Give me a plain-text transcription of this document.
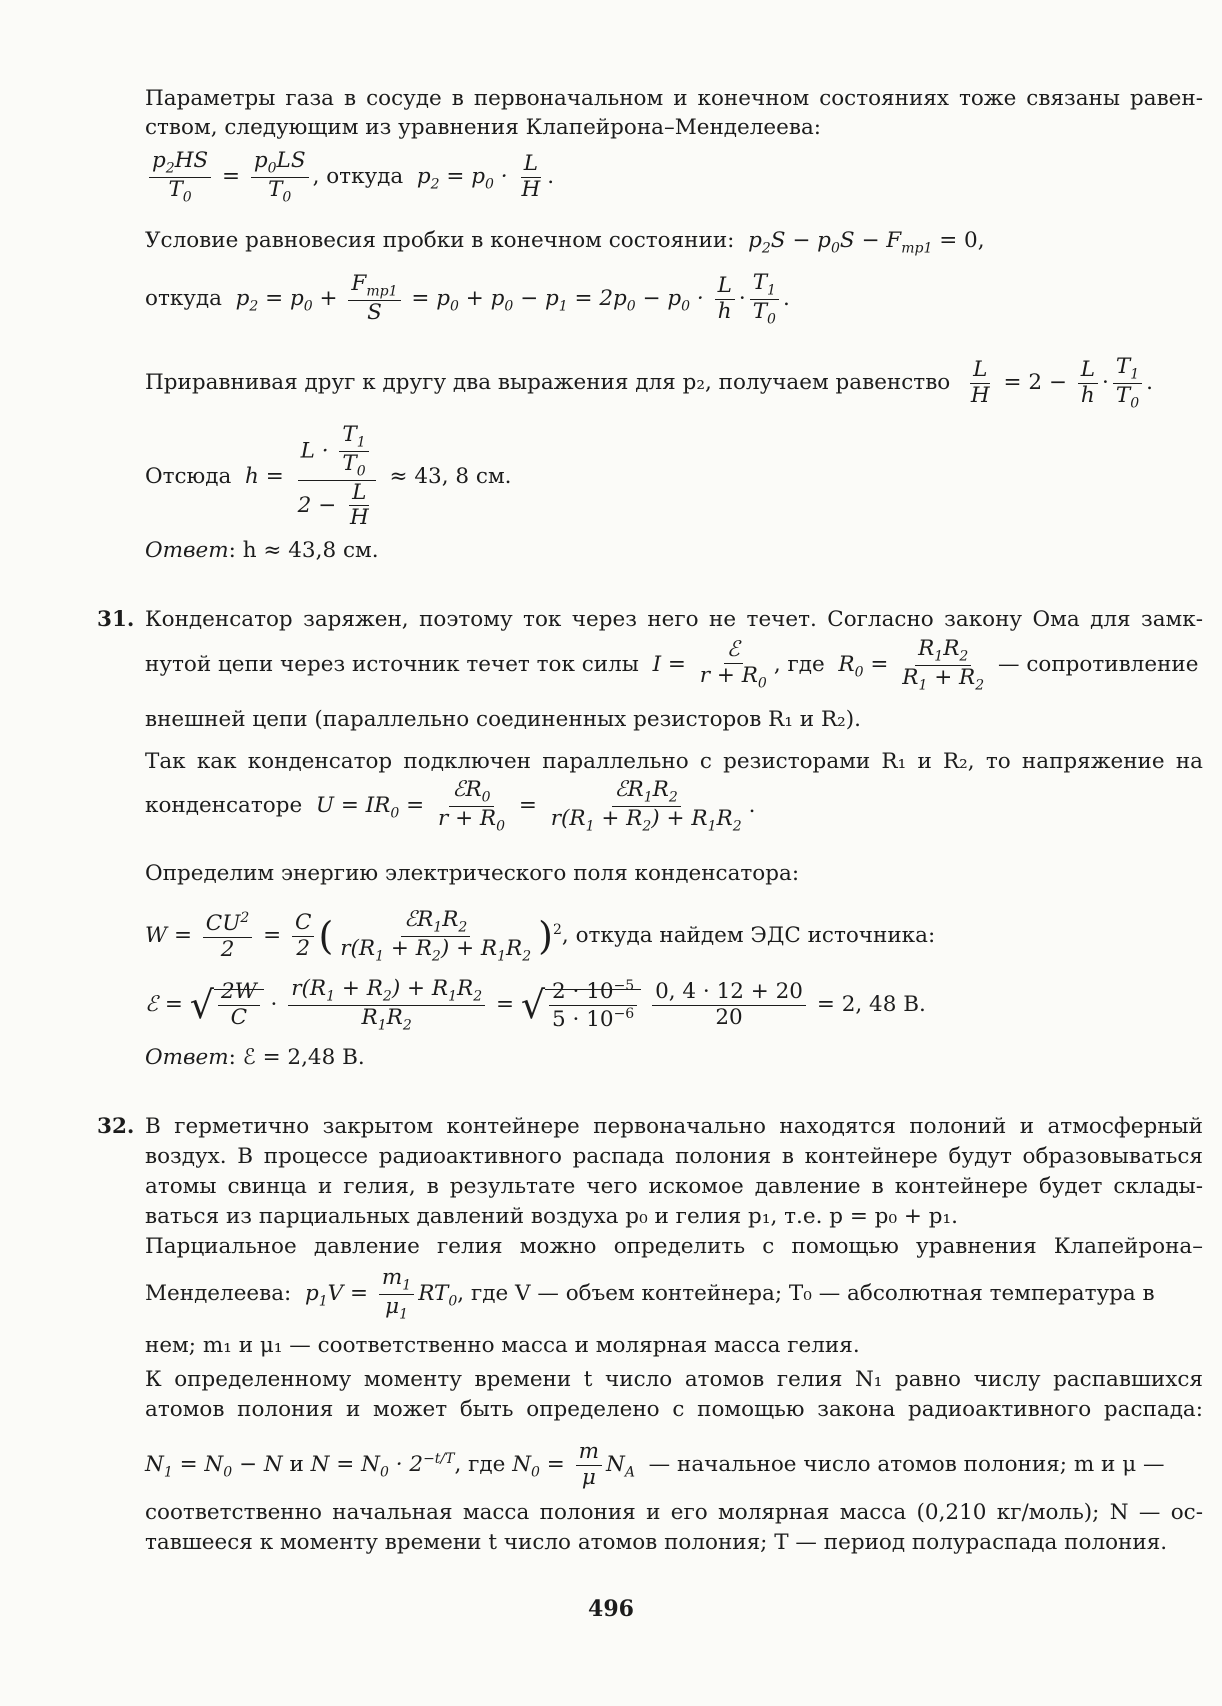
Параметры газа в сосуде в первоначальном и конечном состояниях тоже связаны равен-
ством, следующим из уравнения Клапейрона–Менделеева:
$\frac{p_2HS}{T_0} = \frac{p_0LS}{T_0}$ , откуда $p_2 = p_0 \cdot \frac{L}{H}$ .
Условие равновесия пробки в конечном состоянии: $p_2S - p_0S - F_{тр1} = 0$,
откуда $p_2 = p_0 + \frac{F_{тр1}}{S} = p_0 + p_0 - p_1 = 2p_0 - p_0 \cdot \frac{L}{h} \cdot \frac{T_1}{T_0}$ .
Приравнивая друг к другу два выражения для p₂, получаем равенство $\frac{L}{H} = 2 - \frac{L}{h} \cdot \frac{T_1}{T_0}$ .
Отсюда $h = \frac{L \cdot \frac{T_1}{T_0}}{2 - \frac{L}{H}} \approx 43$, 8 см.
Ответ: h ≈ 43,8 см.
31. Конденсатор заряжен, поэтому ток через него не течет. Согласно закону Ома для замк-
нутой цепи через источник течет ток силы $I = \frac{\text{ℰ}}{r + R_0}$ , где $R_0 = \frac{R_1R_2}{R_1 + R_2}$ — сопротивление
внешней цепи (параллельно соединенных резисторов R₁ и R₂).
Так как конденсатор подключен параллельно с резисторами R₁ и R₂, то напряжение на
конденсаторе $U = IR_0 = \frac{ℰR_0}{r + R_0} = \frac{ℰR_1R_2}{r(R_1 + R_2) + R_1R_2}$ .
Определим энергию электрического поля конденсатора:
$W = \frac{CU^2}{2} = \frac{C}{2}$ ( $\frac{ℰR_1R_2}{r(R_1 + R_2) + R_1R_2} )^2$, откуда найдем ЭДС источника:
ℰ = √ $\frac{2W}{C} \cdot \frac{r(R_1 + R_2) + R_1R_2}{R_1R_2}$ = √ $\frac{2 \cdot 10^{-5}}{5 \cdot 10^{-6}}$
$\frac{0, 4 \cdot 12 + 20}{20} = 2$, 48 В.
Ответ: ℰ = 2,48 В.
32. В герметично закрытом контейнере первоначально находятся полоний и атмосферный
воздух. В процессе радиоактивного распада полония в контейнере будут образовываться
атомы свинца и гелия, в результате чего искомое давление в контейнере будет склады-
ваться из парциальных давлений воздуха p₀ и гелия p₁, т.е. p = p₀ + p₁.
Парциальное давление гелия можно определить с помощью уравнения Клапейрона–
Менделеева: $p_1V = \frac{m_1}{\mu_1} RT_0$, где V — объем контейнера; T₀ — абсолютная температура в
нем; m₁ и μ₁ — соответственно масса и молярная масса гелия.
К определенному моменту времени t число атомов гелия N₁ равно числу распавшихся
атомов полония и может быть определено с помощью закона радиоактивного распада:
$N_1 = N_0 - N$ и $N = N_0 \cdot 2^{-t/T}$, где $N_0 = \frac{m}{\mu} N_A$ — начальное число атомов полония; m и μ —
соответственно начальная масса полония и его молярная масса (0,210 кг/моль); N — ос-
тавшееся к моменту времени t число атомов полония; T — период полураспада полония.
496
